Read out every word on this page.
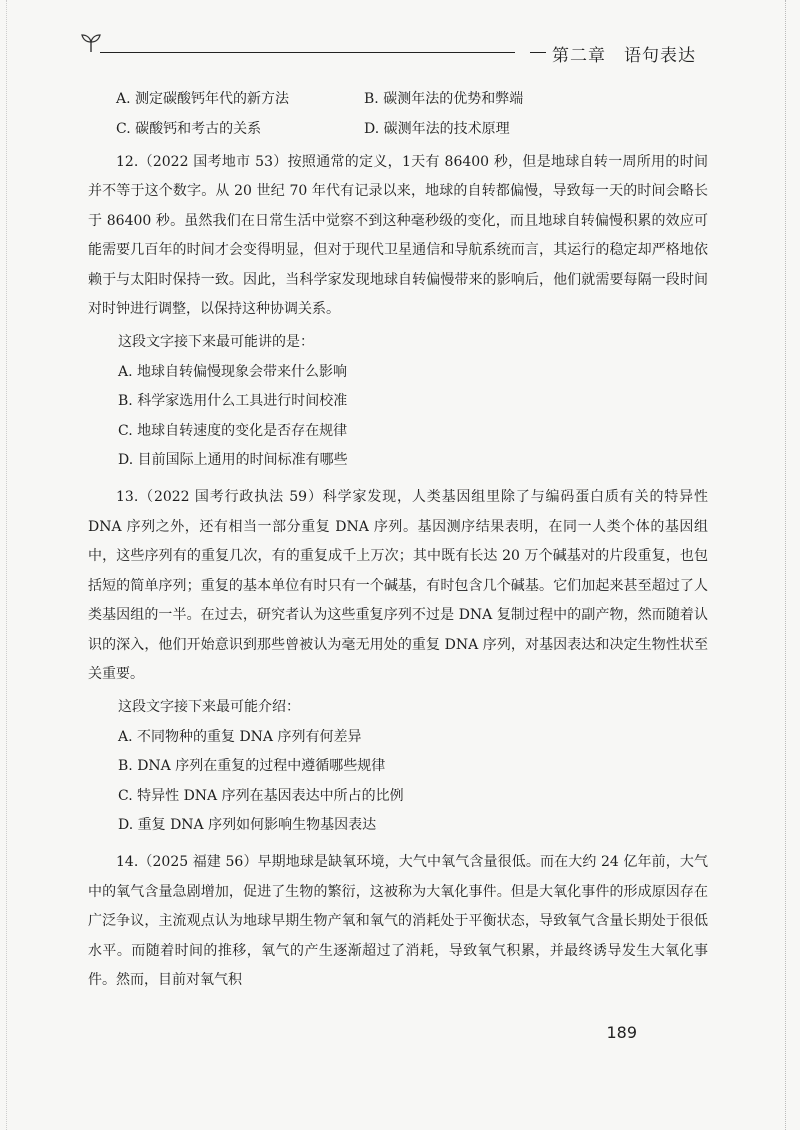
第二章　语句表达
A. 测定碳酸钙年代的新方法	B. 碳测年法的优势和弊端
C. 碳酸钙和考古的关系	D. 碳测年法的技术原理

12.（2022 国考地市 53）按照通常的定义，1天有 86400 秒，但是地球自转一周所用的时间并不等于这个数字。从 20 世纪 70 年代有记录以来，地球的自转都偏慢，导致每一天的时间会略长于 86400 秒。虽然我们在日常生活中觉察不到这种毫秒级的变化，而且地球自转偏慢积累的效应可能需要几百年的时间才会变得明显，但对于现代卫星通信和导航系统而言，其运行的稳定却严格地依赖于与太阳时保持一致。因此，当科学家发现地球自转偏慢带来的影响后，他们就需要每隔一段时间对时钟进行调整，以保持这种协调关系。

这段文字接下来最可能讲的是：
A. 地球自转偏慢现象会带来什么影响
B. 科学家选用什么工具进行时间校准
C. 地球自转速度的变化是否存在规律
D. 目前国际上通用的时间标准有哪些

13.（2022 国考行政执法 59）科学家发现，人类基因组里除了与编码蛋白质有关的特异性 DNA 序列之外，还有相当一部分重复 DNA 序列。基因测序结果表明，在同一人类个体的基因组中，这些序列有的重复几次，有的重复成千上万次；其中既有长达 20 万个碱基对的片段重复，也包括短的简单序列；重复的基本单位有时只有一个碱基，有时包含几个碱基。它们加起来甚至超过了人类基因组的一半。在过去，研究者认为这些重复序列不过是 DNA 复制过程中的副产物，然而随着认识的深入，他们开始意识到那些曾被认为毫无用处的重复 DNA 序列，对基因表达和决定生物性状至关重要。

这段文字接下来最可能介绍：
A. 不同物种的重复 DNA 序列有何差异
B. DNA 序列在重复的过程中遵循哪些规律
C. 特异性 DNA 序列在基因表达中所占的比例
D. 重复 DNA 序列如何影响生物基因表达

14.（2025 福建 56）早期地球是缺氧环境，大气中氧气含量很低。而在大约 24 亿年前，大气中的氧气含量急剧增加，促进了生物的繁衍，这被称为大氧化事件。但是大氧化事件的形成原因存在广泛争议，主流观点认为地球早期生物产氧和氧气的消耗处于平衡状态，导致氧气含量长期处于很低水平。而随着时间的推移，氧气的产生逐渐超过了消耗，导致氧气积累，并最终诱导发生大氧化事件。然而，目前对氧气积

189
